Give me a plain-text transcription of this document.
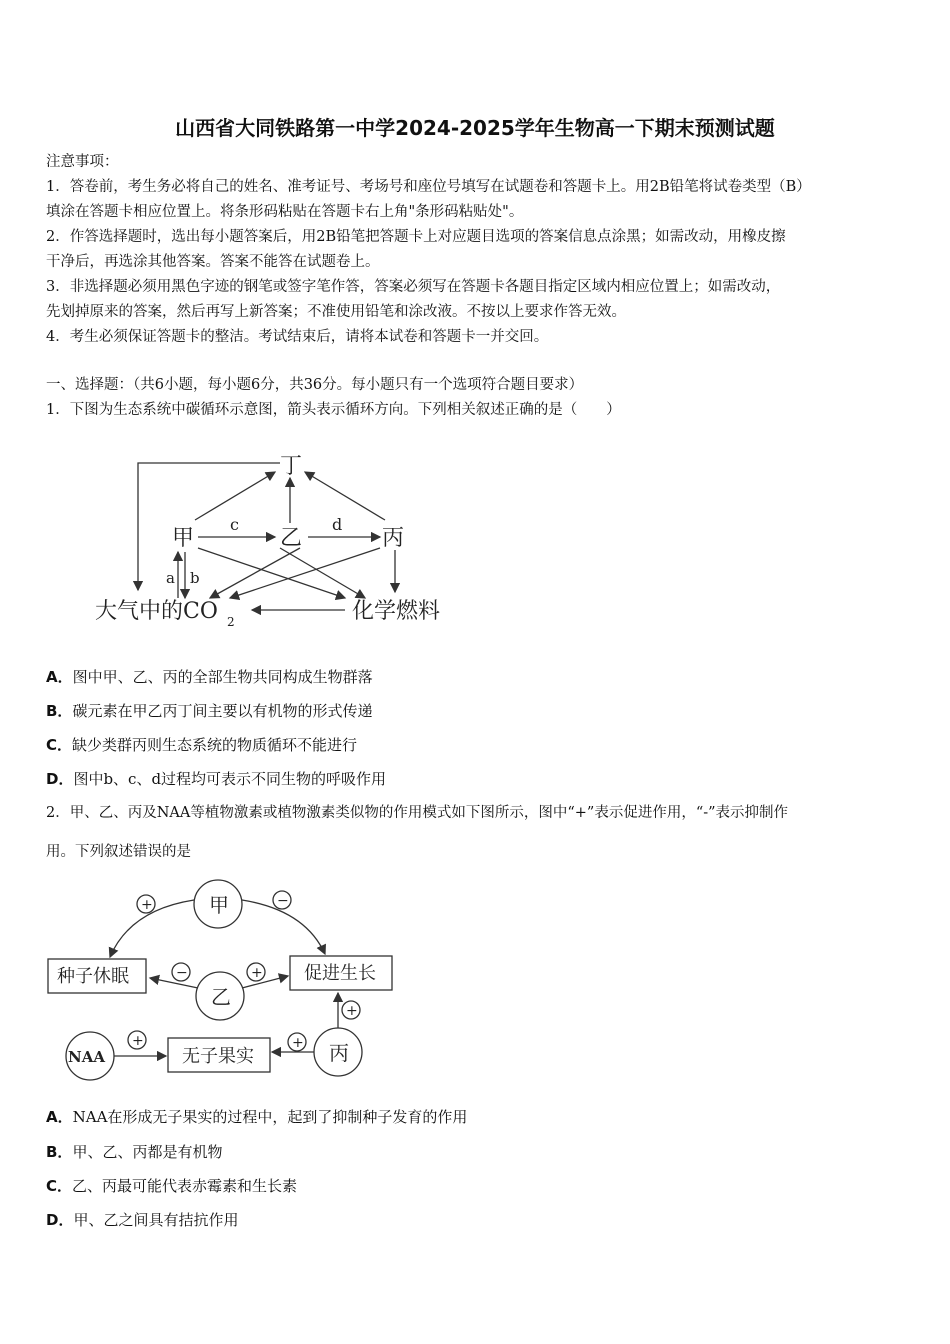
山西省大同铁路第一中学2024-2025学年生物高一下期末预测试题
注意事项：
1．答卷前，考生务必将自己的姓名、准考证号、考场号和座位号填写在试题卷和答题卡上。用2B铅笔将试卷类型（B）
填涂在答题卡相应位置上。将条形码粘贴在答题卡右上角"条形码粘贴处"。
2．作答选择题时，选出每小题答案后，用2B铅笔把答题卡上对应题目选项的答案信息点涂黑；如需改动，用橡皮擦
干净后，再选涂其他答案。答案不能答在试题卷上。
3．非选择题必须用黑色字迹的钢笔或签字笔作答，答案必须写在答题卡各题目指定区域内相应位置上；如需改动，
先划掉原来的答案，然后再写上新答案；不准使用铅笔和涂改液。不按以上要求作答无效。
4．考生必须保证答题卡的整洁。考试结束后，请将本试卷和答题卡一并交回。
一、选择题：（共6小题，每小题6分，共36分。每小题只有一个选项符合题目要求）
1．下图为生态系统中碳循环示意图，箭头表示循环方向。下列相关叙述正确的是（　　）
丁
甲	乙	丙
c	d
a b
大气中的CO 2	化学燃料
A．图中甲、乙、丙的全部生物共同构成生物群落
B．碳元素在甲乙丙丁间主要以有机物的形式传递
C．缺少类群丙则生态系统的物质循环不能进行
D．图中b、c、d过程均可表示不同生物的呼吸作用
2．甲、乙、丙及NAA等植物激素或植物激素类似物的作用模式如下图所示，图中“+”表示促进作用，“-”表示抑制作
用。下列叙述错误的是
甲
乙
丙
NAA
种子休眠	促进生长
无子果实
+	−
−	+
+
+	+
A．NAA在形成无子果实的过程中，起到了抑制种子发育的作用
B．甲、乙、丙都是有机物
C．乙、丙最可能代表赤霉素和生长素
D．甲、乙之间具有拮抗作用
